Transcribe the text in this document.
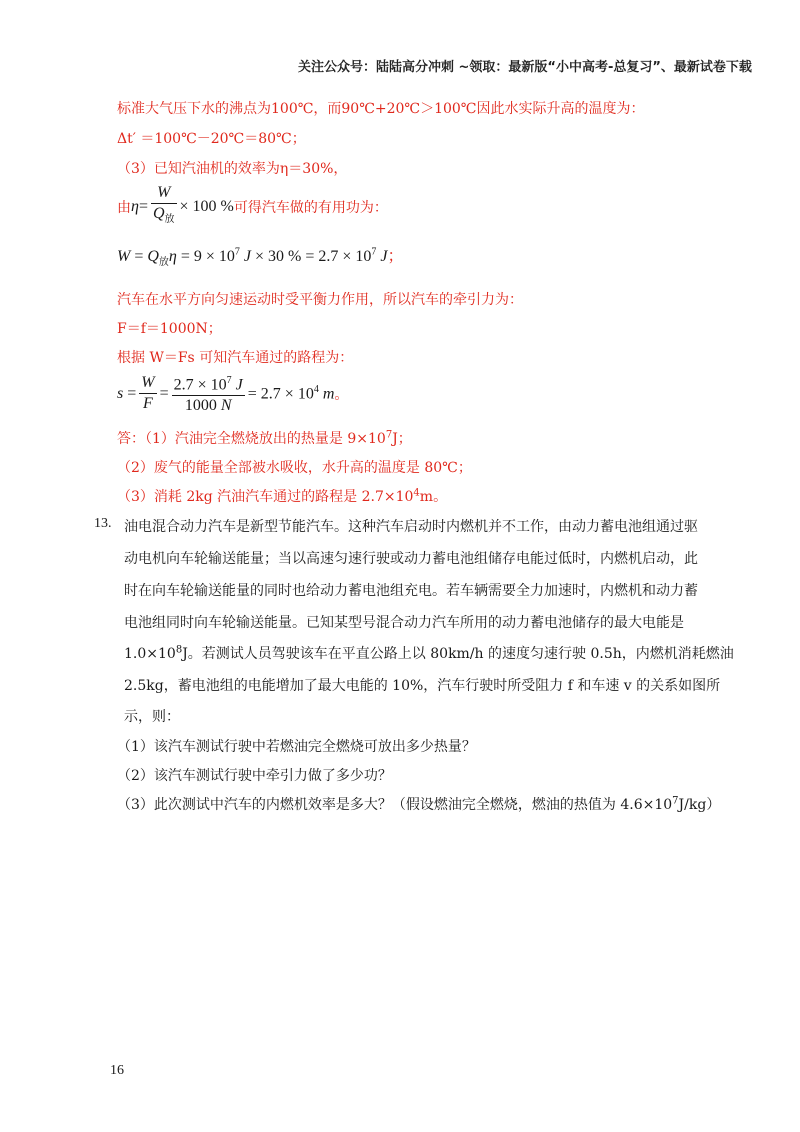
关注公众号：陆陆高分冲刺 ~领取：最新版“小中高考-总复习”、最新试卷下载
标准大气压下水的沸点为100℃，而90℃+20℃＞100℃因此水实际升高的温度为：
Δt′ ＝100℃－20℃＝80℃；
（3）已知汽油机的效率为η＝30%，
由 $\eta= \frac{W}{Q_放} \times 100$ % 可得汽车做的有用功为：
$W = Q_放\eta = 9 \times 10^7$ J × 30 % = $2.7 \times 10^7$ J；
汽车在水平方向匀速运动时受平衡力作用，所以汽车的牵引力为：
F＝f＝1000N；
根据 W＝Fs 可知汽车通过的路程为：
$s = \frac{W}{F} = \frac{2.7 \times 10^7 J}{1000 N} = 2.7 \times 10^4$ m 。
答：（1）汽油完全燃烧放出的热量是 $9\times 10^7J$；
（2）废气的能量全部被水吸收，水升高的温度是 80℃；
（3）消耗 2kg 汽油汽车通过的路程是 $2.7\times 10^4m$。
13. 油电混合动力汽车是新型节能汽车。这种汽车启动时内燃机并不工作，由动力蓄电池组通过驱
动电机向车轮输送能量；当以高速匀速行驶或动力蓄电池组储存电能过低时，内燃机启动，此
时在向车轮输送能量的同时也给动力蓄电池组充电。若车辆需要全力加速时，内燃机和动力蓄
电池组同时向车轮输送能量。已知某型号混合动力汽车所用的动力蓄电池储存的最大电能是
$1.0\times 10^8J$。若测试人员驾驶该车在平直公路上以 80km/h 的速度匀速行驶 0.5h，内燃机消耗燃油
2.5kg，蓄电池组的电能增加了最大电能的 10%，汽车行驶时所受阻力 f 和车速 v 的关系如图所
示，则：
（1）该汽车测试行驶中若燃油完全燃烧可放出多少热量？
（2）该汽车测试行驶中牵引力做了多少功？
（3）此次测试中汽车的内燃机效率是多大？（假设燃油完全燃烧，燃油的热值为 $4.6\times 10^7J/kg$）
16
